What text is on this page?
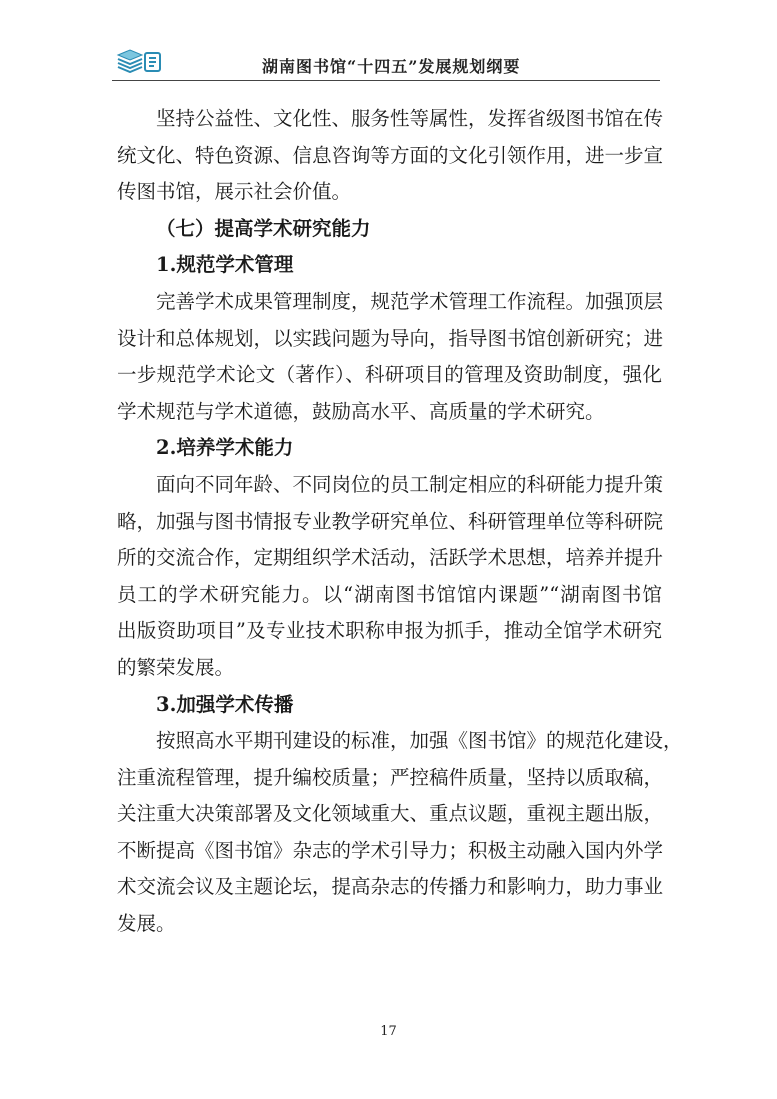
湖南图书馆“十四五”发展规划纲要
坚持公益性、文化性、服务性等属性，发挥省级图书馆在传
统文化、特色资源、信息咨询等方面的文化引领作用，进一步宣
传图书馆，展示社会价值。
（七）提高学术研究能力
1.规范学术管理
完善学术成果管理制度，规范学术管理工作流程。加强顶层
设计和总体规划，以实践问题为导向，指导图书馆创新研究；进
一步规范学术论文（著作）、科研项目的管理及资助制度，强化
学术规范与学术道德，鼓励高水平、高质量的学术研究。
2.培养学术能力
面向不同年龄、不同岗位的员工制定相应的科研能力提升策
略，加强与图书情报专业教学研究单位、科研管理单位等科研院
所的交流合作，定期组织学术活动，活跃学术思想，培养并提升
员工的学术研究能力。以“湖南图书馆馆内课题”“湖南图书馆
出版资助项目”及专业技术职称申报为抓手，推动全馆学术研究
的繁荣发展。
3.加强学术传播
按照高水平期刊建设的标准，加强《图书馆》的规范化建设，
注重流程管理，提升编校质量；严控稿件质量，坚持以质取稿，
关注重大决策部署及文化领域重大、重点议题，重视主题出版，
不断提高《图书馆》杂志的学术引导力；积极主动融入国内外学
术交流会议及主题论坛，提高杂志的传播力和影响力，助力事业
发展。
17
